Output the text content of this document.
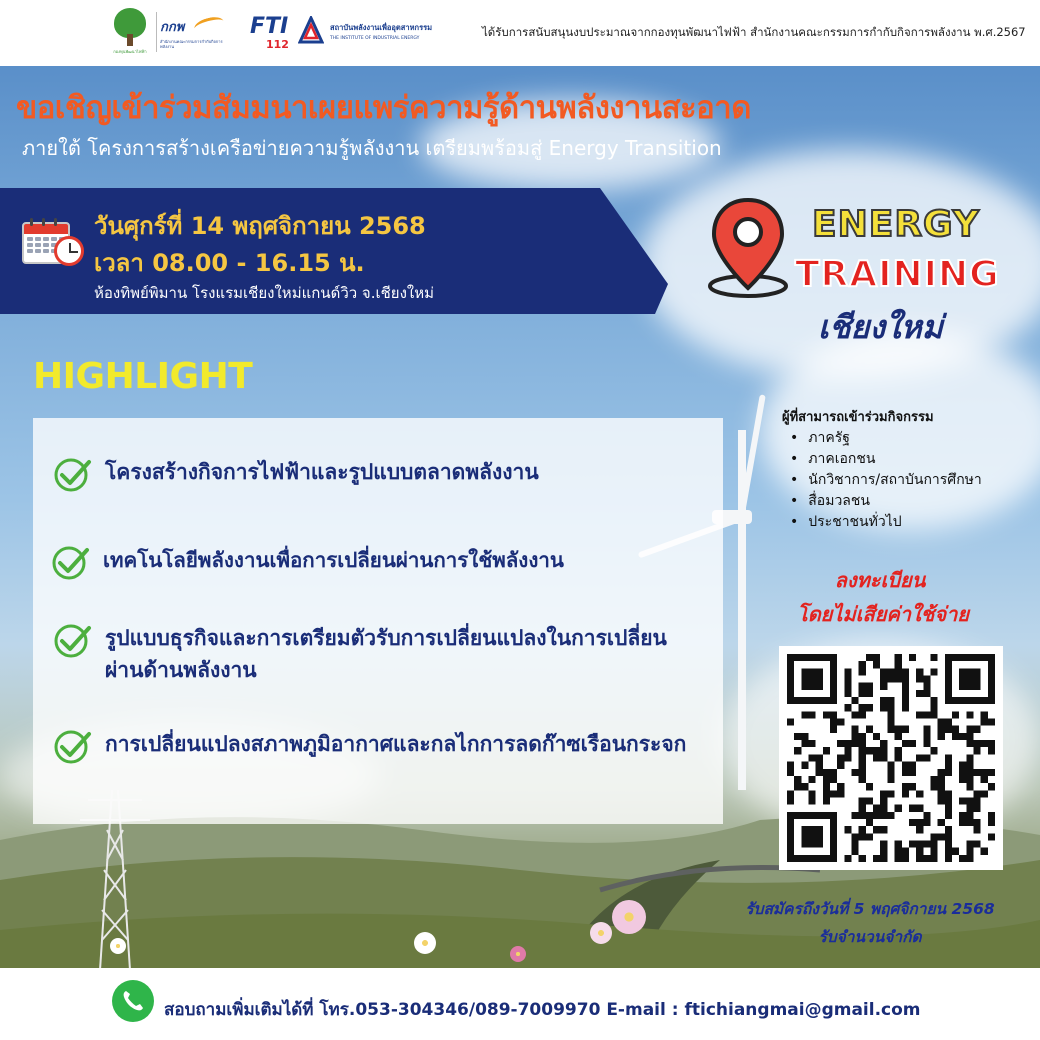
กองทุนพัฒนาไฟฟ้า
กกพ
สำนักงานคณะกรรมการกำกับกิจการพลังงาน
FTI
112
สถาบันพลังงานเพื่ออุตสาหกรรม
THE INSTITUTE OF INDUSTRIAL ENERGY	ได้รับการสนับสนุนงบประมาณจากกองทุนพัฒนาไฟฟ้า สำนักงานคณะกรรมการกำกับกิจการพลังงาน พ.ศ.2567
ขอเชิญเข้าร่วมสัมมนาเผยแพร่ความรู้ด้านพลังงานสะอาด
ภายใต้ โครงการสร้างเครือข่ายความรู้พลังงาน เตรียมพร้อมสู่ Energy Transition
วันศุกร์ที่ 14 พฤศจิกายน 2568
เวลา 08.00 - 16.15 น.
ห้องทิพย์พิมาน โรงแรมเชียงใหม่แกนด์วิว จ.เชียงใหม่
ENERGY
TRAINING
เชียงใหม่
HIGHLIGHT
โครงสร้างกิจการไฟฟ้าและรูปแบบตลาดพลังงาน
เทคโนโลยีพลังงานเพื่อการเปลี่ยนผ่านการใช้พลังงาน
รูปแบบธุรกิจและการเตรียมตัวรับการเปลี่ยนแปลงในการเปลี่ยนผ่านด้านพลังงาน
การเปลี่ยนแปลงสภาพภูมิอากาศและกลไกการลดก๊าซเรือนกระจก
ผู้ที่สามารถเข้าร่วมกิจกรรม
• ภาครัฐ
• ภาคเอกชน
• นักวิชาการ/สถาบันการศึกษา
• สื่อมวลชน
• ประชาชนทั่วไป
ลงทะเบียน
โดยไม่เสียค่าใช้จ่าย
รับสมัครถึงวันที่ 5 พฤศจิกายน 2568
รับจำนวนจำกัด
สอบถามเพิ่มเติมได้ที่ โทร.053-304346/089-7009970 E-mail : ftichiangmai@gmail.com
